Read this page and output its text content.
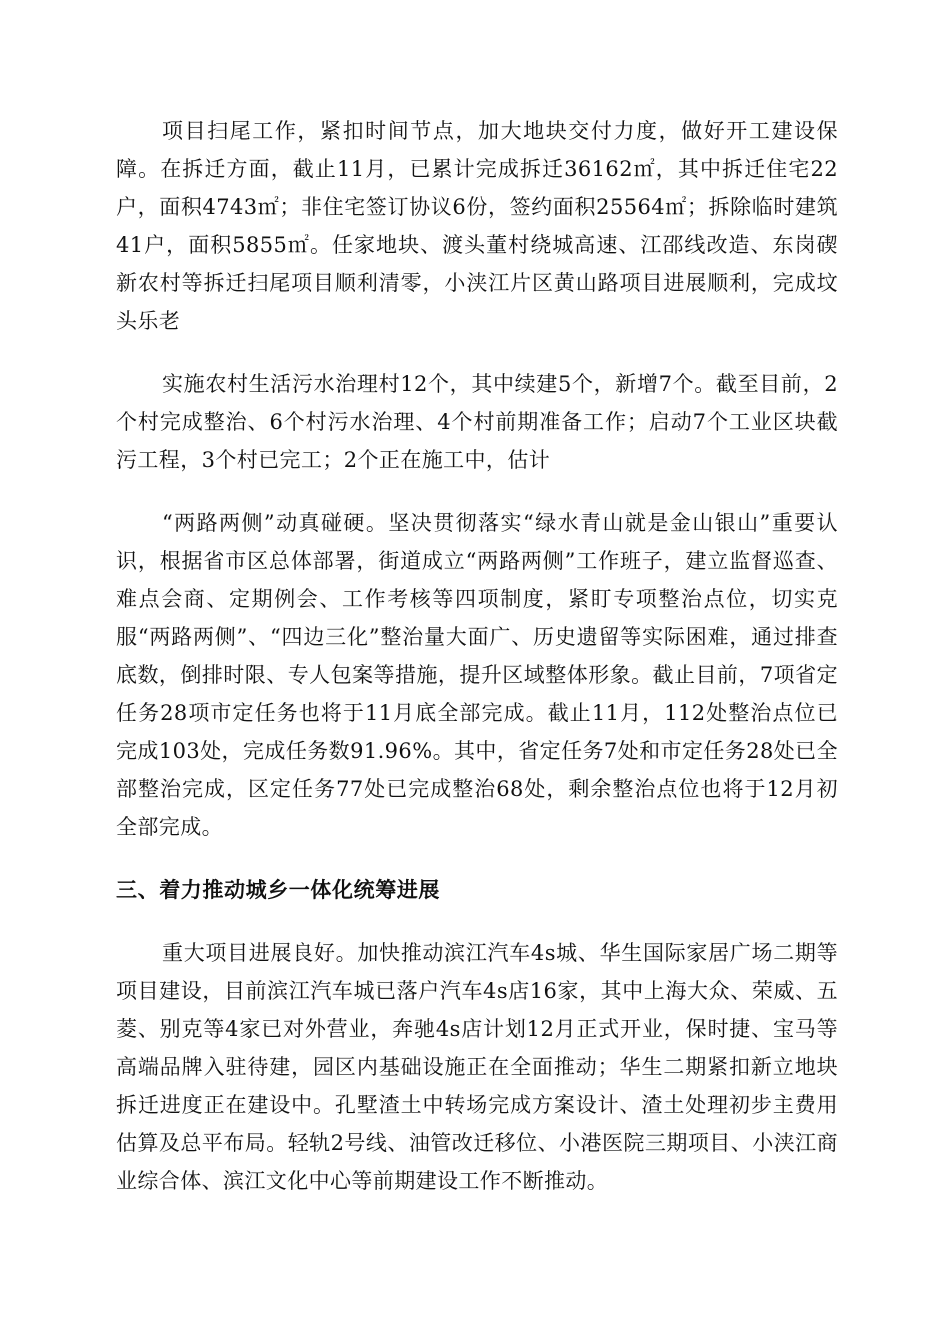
项目扫尾工作，紧扣时间节点，加大地块交付力度，做好开工建设保障。在拆迁方面，截止11月，已累计完成拆迁36162㎡，其中拆迁住宅22户，面积4743㎡；非住宅签订协议6份，签约面积25564㎡；拆除临时建筑41户，面积5855㎡。任家地块、渡头董村绕城高速、江邵线改造、东岗碶新农村等拆迁扫尾项目顺利清零，小浃江片区黄山路项目进展顺利，完成坟头乐老

实施农村生活污水治理村12个，其中续建5个，新增7个。截至目前，2个村完成整治、6个村污水治理、4个村前期准备工作；启动7个工业区块截污工程，3个村已完工；2个正在施工中，估计

“两路两侧”动真碰硬。坚决贯彻落实“绿水青山就是金山银山”重要认识，根据省市区总体部署，街道成立“两路两侧”工作班子，建立监督巡查、难点会商、定期例会、工作考核等四项制度，紧盯专项整治点位，切实克服“两路两侧”、“四边三化”整治量大面广、历史遗留等实际困难，通过排查底数，倒排时限、专人包案等措施，提升区域整体形象。截止目前，7项省定任务28项市定任务也将于11月底全部完成。截止11月，112处整治点位已完成103处，完成任务数91.96%。其中，省定任务7处和市定任务28处已全部整治完成，区定任务77处已完成整治68处，剩余整治点位也将于12月初全部完成。

三、着力推动城乡一体化统筹进展

重大项目进展良好。加快推动滨江汽车4s城、华生国际家居广场二期等项目建设，目前滨江汽车城已落户汽车4s店16家，其中上海大众、荣威、五菱、别克等4家已对外营业，奔驰4s店计划12月正式开业，保时捷、宝马等高端品牌入驻待建，园区内基础设施正在全面推动；华生二期紧扣新立地块拆迁进度正在建设中。孔墅渣土中转场完成方案设计、渣土处理初步主费用估算及总平布局。轻轨2号线、油管改迁移位、小港医院三期项目、小浃江商业综合体、滨江文化中心等前期建设工作不断推动。
